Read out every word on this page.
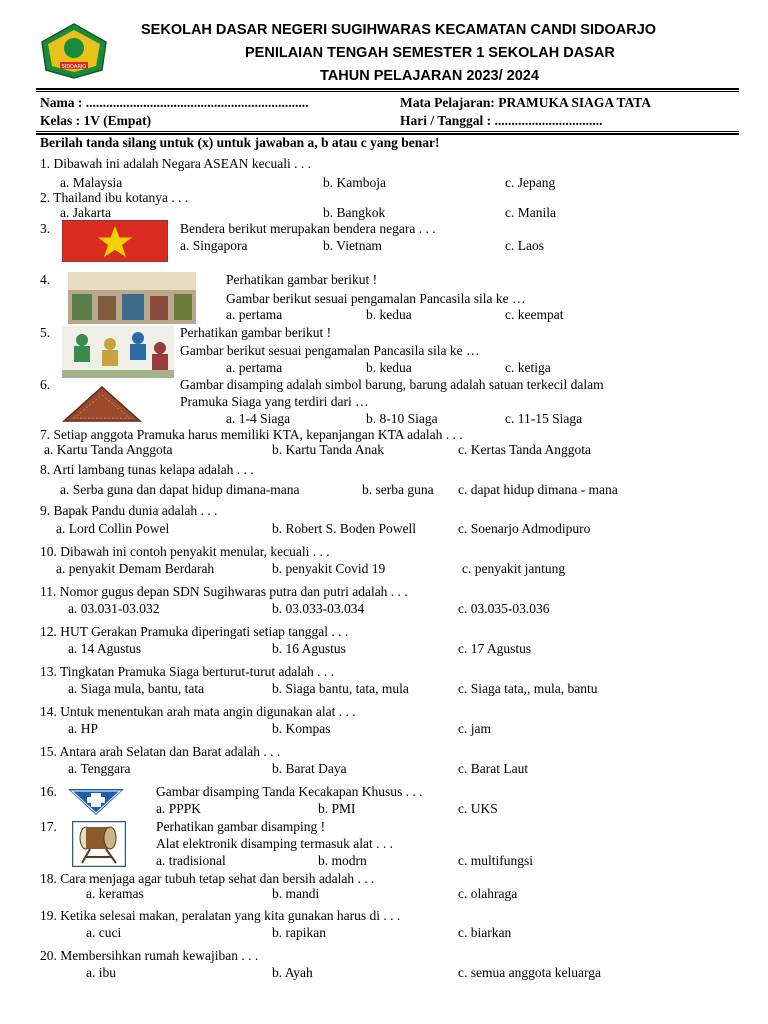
SIDOARJO
SEKOLAH DASAR NEGERI SUGIHWARAS KECAMATAN CANDI SIDOARJO
PENILAIAN TENGAH SEMESTER 1 SEKOLAH DASAR
TAHUN PELAJARAN 2023/ 2024
Nama : ..................................................................	Mata Pelajaran: PRAMUKA SIAGA TATA
Kelas : 1V (Empat)	Hari / Tanggal : ................................
Berilah tanda silang untuk (x) untuk jawaban a, b atau c yang benar!
1. Dibawah ini adalah Negara ASEAN kecuali . . .
a. Malaysia	b. Kamboja	c. Jepang
2. Thailand ibu kotanya . . .
a. Jakarta	b. Bangkok	c. Manila
3.	Bendera berikut merupakan bendera negara . . .
a. Singapora	b. Vietnam	c. Laos
4.	Perhatikan gambar berikut !
Gambar berikut sesuai pengamalan Pancasila sila ke …
a. pertama	b. kedua	c. keempat
5.	Perhatikan gambar berikut !
Gambar berikut sesuai pengamalan Pancasila sila ke …
a. pertama	b. kedua	c. ketiga
6.	Gambar disamping adalah simbol barung, barung adalah satuan terkecil dalam
Pramuka Siaga yang terdiri dari …
a. 1-4 Siaga	b. 8-10 Siaga	c. 11-15 Siaga
7. Setiap anggota Pramuka harus memiliki KTA, kepanjangan KTA adalah . . .
a. Kartu Tanda Anggota	b. Kartu Tanda Anak	c. Kertas Tanda Anggota
8. Arti lambang tunas kelapa adalah . . .
a. Serba guna dan dapat hidup dimana-mana	b. serba guna c. dapat hidup dimana - mana
9. Bapak Pandu dunia adalah . . .
a. Lord Collin Powel	b. Robert S. Boden Powell	c. Soenarjo Admodipuro
10. Dibawah ini contoh penyakit menular, kecuali . . .
a. penyakit Demam Berdarah	b. penyakit Covid 19	c. penyakit jantung
11. Nomor gugus depan SDN Sugihwaras putra dan putri adalah . . .
a. 03.031-03.032	b. 03.033-03.034	c. 03.035-03.036
12. HUT Gerakan Pramuka diperingati setiap tanggal . . .
a. 14 Agustus	b. 16 Agustus	c. 17 Agustus
13. Tingkatan Pramuka Siaga berturut-turut adalah . . .
a. Siaga mula, bantu, tata	b. Siaga bantu, tata, mula	c. Siaga tata,, mula, bantu
14. Untuk menentukan arah mata angin digunakan alat . . .
a. HP	b. Kompas	c. jam
15. Antara arah Selatan dan Barat adalah . . .
a. Tenggara	b. Barat Daya	c. Barat Laut
16.	Gambar disamping Tanda Kecakapan Khusus . . .
a. PPPK	b. PMI	c. UKS
17.	Perhatikan gambar disamping !
Alat elektronik disamping termasuk alat . . .
a. tradisional	b. modrn	c. multifungsi
18. Cara menjaga agar tubuh tetap sehat dan bersih adalah . . .
a. keramas	b. mandi	c. olahraga
19. Ketika selesai makan, peralatan yang kita gunakan harus di . . .
a. cuci	b. rapikan	c. biarkan
20. Membersihkan rumah kewajiban . . .
a. ibu	b. Ayah	c. semua anggota keluarga
